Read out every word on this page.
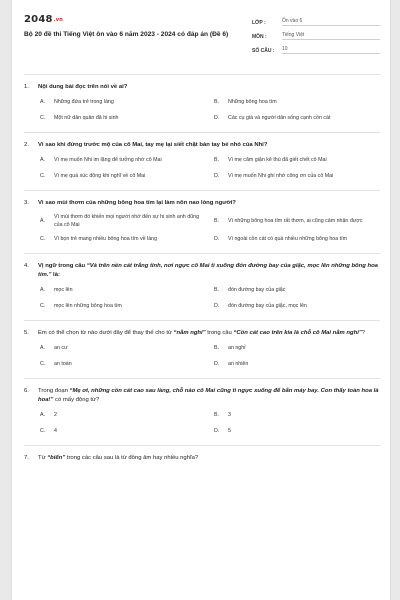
2048.vn
Bộ 20 đề thi Tiếng Việt ôn vào 6 năm 2023 - 2024 có đáp án (Đề 6)
LỚP :	Ôn vào 6
MÔN :	Tiếng Việt
SỐ CÂU :	10
1.	Nội dung bài đọc trên nói về ai?
A.	Những đứa trẻ trong làng	B.	Những bông hoa tím
C.	Một nữ dân quân đã hi sinh	D.	Các cụ già và người dân sống cạnh cồn cát
2.	Vì sao khi đứng trước mộ của cô Mai, tay mẹ lại siết chặt bàn tay bé nhỏ của Nhi?
A.	Vì mẹ muốn Nhi im lặng để tưởng nhớ cô Mai	B.	Vì mẹ căm giận kẻ thù đã giết chết cô Mai
C.	Vì mẹ quá xúc động khi nghĩ về cô Mai	D.	Vì mẹ muốn Nhi ghi nhớ công ơn của cô Mai
3.	Vì sao mùi thơm của những bông hoa tím lại làm nôn nao lòng người?
A.
Vì mùi thơm đó khiến mọi người nhớ đến sự hi sinh anh dũng của cô Mai
B.	Vì những bông hoa tím rất thơm, ai cũng cảm nhận được
C.	Vì bọn trẻ mang nhiều bông hoa tím về làng	D.	Vì ngoài cồn cát có quá nhiều những bông hoa tím
4.	Vị ngữ trong câu “Và trên nền cát trắng tinh, nơi ngực cô Mai tì xuống đón đường bay của giặc, mọc lên những bông hoa tím.” là:
A.	mọc lên	B.	đón đường bay của giặc
C.	mọc lên những bông hoa tím	D.	đón đường bay của giặc, mọc lên
5.	Em có thể chọn từ nào dưới đây để thay thế cho từ “nằm nghỉ” trong câu “Cồn cát cao trên kia là chỗ cô Mai nằm nghỉ”?
A.	an cư	B.	an nghỉ
C.	an toàn	D.	an nhiên
6.	Trong đoạn “Mẹ ơi, những cồn cát cao sau làng, chỗ nào cô Mai cũng tì ngực xuống để bắn máy bay. Con thấy toàn hoa là hoa!” có mấy động từ?
A.	2	B.	3
C.	4	D.	5
7.	Từ “biển” trong các câu sau là từ đồng âm hay nhiều nghĩa?
